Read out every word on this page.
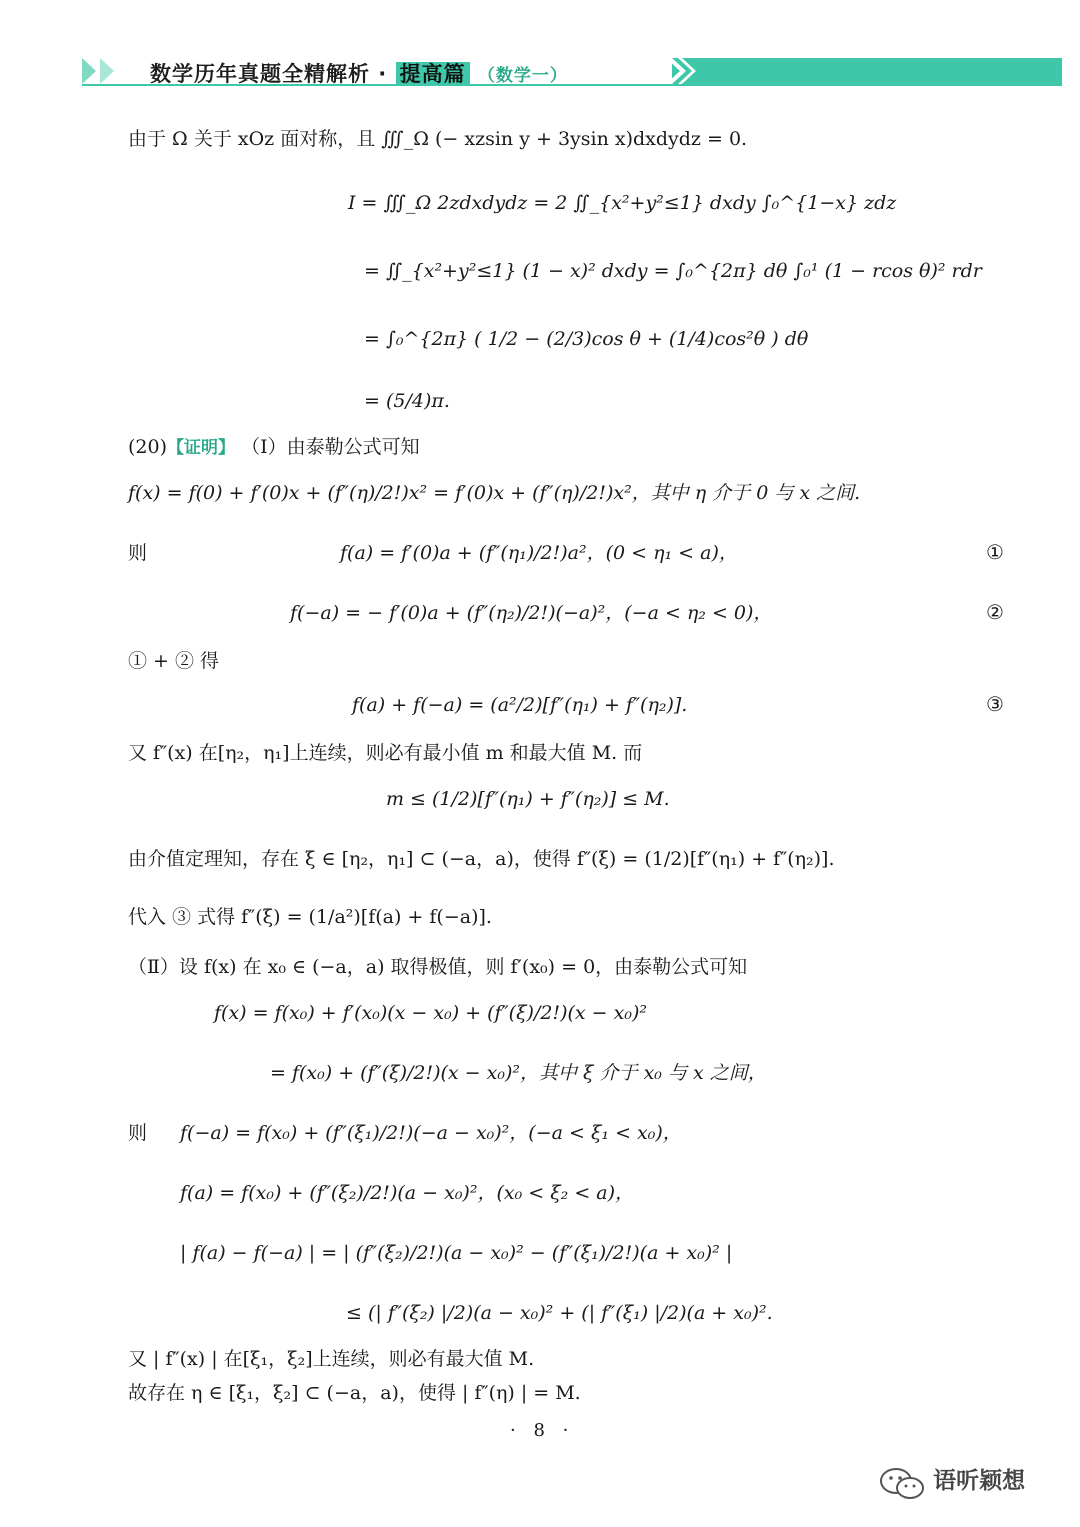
数学历年真题全精解析 · 提高篇 （数学一）
由于 Ω 关于 xOz 面对称，且 ∭_Ω (− xzsin y + 3ysin x)dxdydz = 0.
I = ∭_Ω 2zdxdydz = 2 ∬_{x²+y²≤1} dxdy ∫₀^{1−x} zdz
= ∬_{x²+y²≤1} (1 − x)² dxdy = ∫₀^{2π} dθ ∫₀¹ (1 − rcos θ)² rdr
= ∫₀^{2π} ( 1/2 − (2/3)cos θ + (1/4)cos²θ ) dθ
= (5/4)π.
(20)【证明】 （Ⅰ）由泰勒公式可知
f(x) = f(0) + f′(0)x + (f″(η)/2!)x² = f′(0)x + (f″(η)/2!)x²，其中 η 介于 0 与 x 之间.
则	f(a) = f′(0)a + (f″(η₁)/2!)a²，(0 < η₁ < a)，	①
f(−a) = − f′(0)a + (f″(η₂)/2!)(−a)²，(−a < η₂ < 0)，	②
① + ② 得
f(a) + f(−a) = (a²/2)[f″(η₁) + f″(η₂)].	③
又 f″(x) 在[η₂，η₁]上连续，则必有最小值 m 和最大值 M. 而
m ≤ (1/2)[f″(η₁) + f″(η₂)] ≤ M.
由介值定理知，存在 ξ ∈ [η₂，η₁] ⊂ (−a，a)，使得 f″(ξ) = (1/2)[f″(η₁) + f″(η₂)].
代入 ③ 式得 f″(ξ) = (1/a²)[f(a) + f(−a)].
（Ⅱ）设 f(x) 在 x₀ ∈ (−a，a) 取得极值，则 f′(x₀) = 0，由泰勒公式可知
f(x) = f(x₀) + f′(x₀)(x − x₀) + (f″(ξ)/2!)(x − x₀)²
= f(x₀) + (f″(ξ)/2!)(x − x₀)²，其中 ξ 介于 x₀ 与 x 之间，
则 f(−a) = f(x₀) + (f″(ξ₁)/2!)(−a − x₀)²，(−a < ξ₁ < x₀)，
f(a) = f(x₀) + (f″(ξ₂)/2!)(a − x₀)²，(x₀ < ξ₂ < a)，
| f(a) − f(−a) | = | (f″(ξ₂)/2!)(a − x₀)² − (f″(ξ₁)/2!)(a + x₀)² |
≤ (| f″(ξ₂) |/2)(a − x₀)² + (| f″(ξ₁) |/2)(a + x₀)².
又 | f″(x) | 在[ξ₁，ξ₂]上连续，则必有最大值 M.
故存在 η ∈ [ξ₁，ξ₂] ⊂ (−a，a)，使得 | f″(η) | = M.
· 8 ·
语听颖想
